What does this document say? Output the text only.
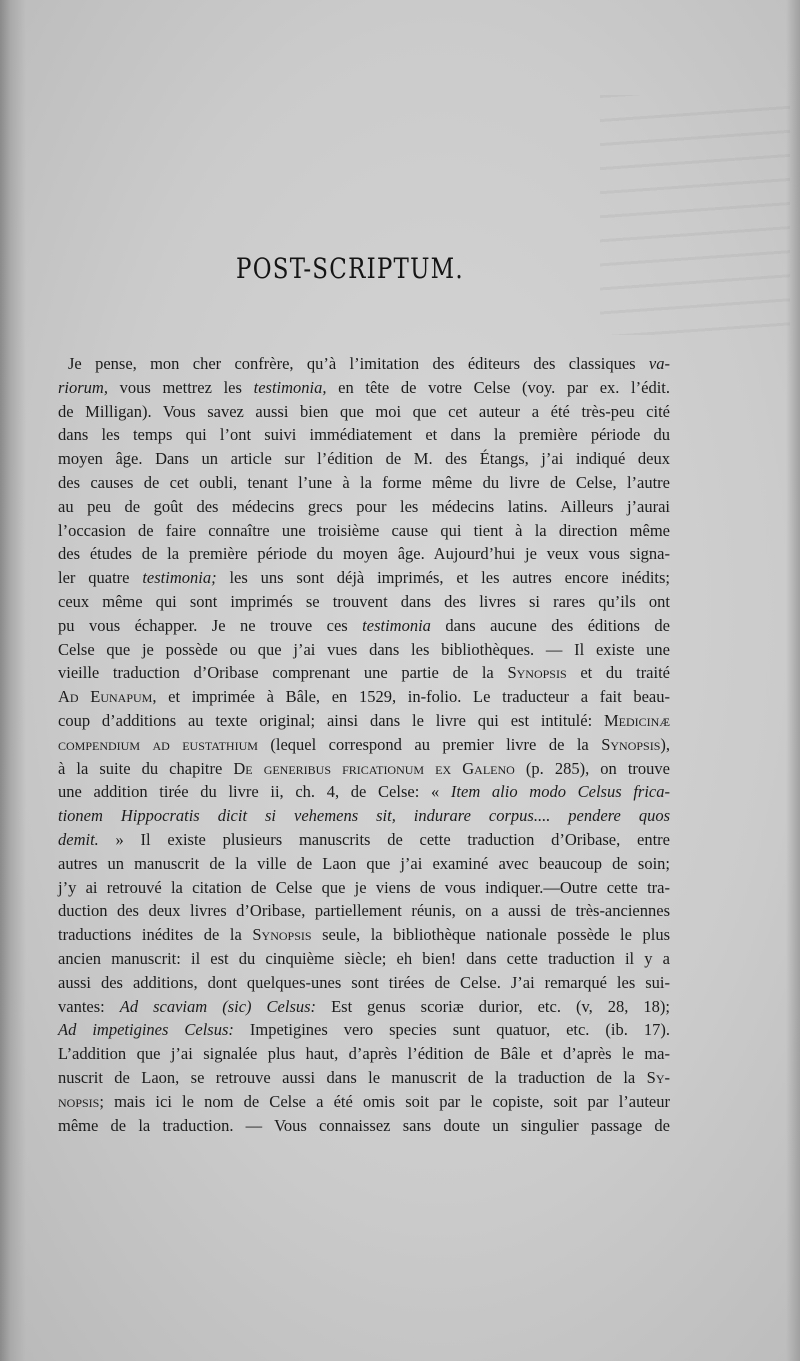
POST-SCRIPTUM.
Je pense, mon cher confrère, qu’à l’imitation des éditeurs des classiques va-
riorum, vous mettrez les testimonia, en tête de votre Celse (voy. par ex. l’édit.
de Milligan). Vous savez aussi bien que moi que cet auteur a été très-peu cité
dans les temps qui l’ont suivi immédiatement et dans la première période du
moyen âge. Dans un article sur l’édition de M. des Étangs, j’ai indiqué deux
des causes de cet oubli, tenant l’une à la forme même du livre de Celse, l’autre
au peu de goût des médecins grecs pour les médecins latins. Ailleurs j’aurai
l’occasion de faire connaître une troisième cause qui tient à la direction même
des études de la première période du moyen âge. Aujourd’hui je veux vous signa-
ler quatre testimonia; les uns sont déjà imprimés, et les autres encore inédits;
ceux même qui sont imprimés se trouvent dans des livres si rares qu’ils ont
pu vous échapper. Je ne trouve ces testimonia dans aucune des éditions de
Celse que je possède ou que j’ai vues dans les bibliothèques. — Il existe une
vieille traduction d’Oribase comprenant une partie de la Synopsis et du traité
Ad Eunapum, et imprimée à Bâle, en 1529, in-folio. Le traducteur a fait beau-
coup d’additions au texte original; ainsi dans le livre qui est intitulé: Medicinæ
compendium ad eustathium (lequel correspond au premier livre de la Synopsis),
à la suite du chapitre De generibus fricationum ex Galeno (p. 285), on trouve
une addition tirée du livre ii, ch. 4, de Celse: « Item alio modo Celsus frica-
tionem Hippocratis dicit si vehemens sit, indurare corpus.... pendere quos
demit. » Il existe plusieurs manuscrits de cette traduction d’Oribase, entre
autres un manuscrit de la ville de Laon que j’ai examiné avec beaucoup de soin;
j’y ai retrouvé la citation de Celse que je viens de vous indiquer.—Outre cette tra-
duction des deux livres d’Oribase, partiellement réunis, on a aussi de très-anciennes
traductions inédites de la Synopsis seule, la bibliothèque nationale possède le plus
ancien manuscrit: il est du cinquième siècle; eh bien! dans cette traduction il y a
aussi des additions, dont quelques-unes sont tirées de Celse. J’ai remarqué les sui-
vantes: Ad scaviam (sic) Celsus: Est genus scoriæ durior, etc. (v, 28, 18);
Ad impetigines Celsus: Impetigines vero species sunt quatuor, etc. (ib. 17).
L’addition que j’ai signalée plus haut, d’après l’édition de Bâle et d’après le ma-
nuscrit de Laon, se retrouve aussi dans le manuscrit de la traduction de la Sy-
nopsis; mais ici le nom de Celse a été omis soit par le copiste, soit par l’auteur
même de la traduction. — Vous connaissez sans doute un singulier passage de
